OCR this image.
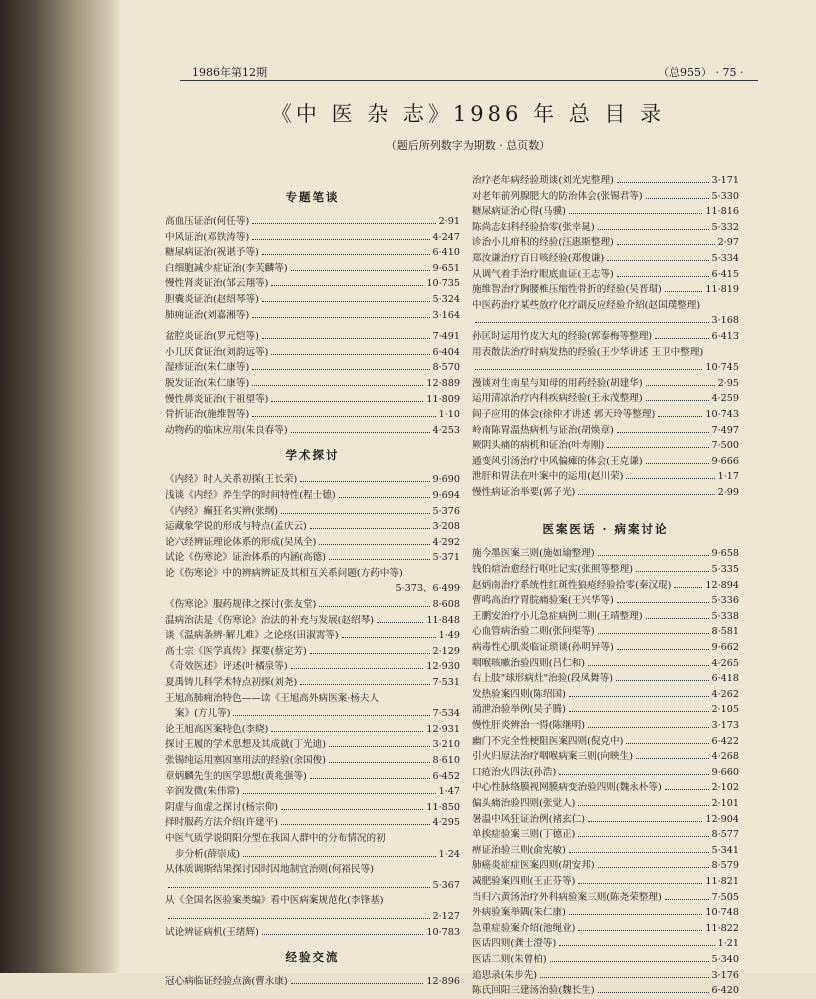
1986年第12期	（总955） · 75 ·
《中 医 杂 志》1986 年 总 目 录
（题后所列数字为期数 · 总页数）
专题笔谈
高血压证治(何任等)	2·91
中风证治(邓铁涛等)	4·247
糖尿病证治(祝谌予等)	6·410
白细胞减少症证治(李芙麟等)	9·651
慢性肾炎证治(邹云翔等)	10·735
胆囊炎证治(赵绍琴等)	5·324
肺痈证治(刘嘉湘等)	3·164
盆腔炎证治(罗元恺等)	7·491
小儿厌食证治(刘韵远等)	6·404
湿疹证治(朱仁康等)	8·570
脱发证治(朱仁康等)	12·889
慢性鼻炎证治(干祖望等)	11·809
骨折证治(施维智等)	1·10
动物药的临床应用(朱良春等)	4·253
学术探讨
《内经》时人关系初探(王长荣)	9·690
浅谈《内经》养生学的时间特性(程士德)	9·694
《内经》癫狂名实辨(张纲)	5·376
运藏象学说的形成与特点(孟庆云)	3·208
论六经辨证理论体系的形成(吴凤全)	4·292
试论《伤寒论》证治体系的内涵(高德)	5·371
论《伤寒论》中的辨病辨证及其相互关系问题(方药中等)
5·373、6·499
《伤寒论》服药规律之探讨(张友堂)	8·608
温病治法是《伤寒论》治法的补充与发展(赵绍琴)	11·848
谈《温病条辨·解儿难》之论痉(田淑霄等)	1·49
高士宗《医学真传》探要(蔡定芳)	2·129
《奇效医述》评述(叶橘泉等)	12·930
夏禹铸儿科学术特点初探(刘尧)	7·531
王旭高肺痈治特色——读《王旭高外病医案·杨夫人
案》(方儿等)	7·534
论王旭高医案特色(李晓)	12·931
探讨王履的学术思想及其成就(丁光迪)	3·210
张锡纯运用塞因塞用法的经验(余国俊)	8·610
章炳麟先生的医学思想(黄兆强等)	6·452
辛润发微(朱伟常)	1·47
阴虚与血虚之探讨(杨宗仰)	11·850
择时服药方法介绍(许建平)	4·295
中医气质学说阴阳分型在我国人群中的分布情况的初
步分析(薛崇成)	1·24
从体质调斯结果探讨因时因地制宜治则(何裕民等)
5·367
从《全国名医验案类编》看中医病案规范化(李锋基)
2·127
试论辨证病机(王绪辉)	10·783
经验交流
冠心病临证经验点滴(曹永康)	12·896
治疗老年病经验琐谈(刘光宪整理)	3·171
对老年前列腺肥大的防治体会(张锡君等)	5·330
糖尿病证治心得(马骥)	11·816
陈尚志妇科经验拾零(张幸晁)	5·332
诊治小儿疳积的经验(汪惠斯整理)	2·97
郑汝谦治疗百日咳经验(郑俊谦)	5·334
从调气着手治疗眼底血证(王志等)	6·415
施维智治疗胸腰椎压缩性骨折的经验(吴晋瑁)	11·819
中医药治疗某些放疗化疗副反应经验介绍(赵国璞整理)
3·168
孙匡时运用竹皮大丸的经验(郭泰梅等整理)	6·413
用表散法治疗时病发热的经验(王少华讲述 王卫中整理)
10·745
漫谈对生南星与知母的用药经验(胡建华)	2·95
运用清凉治疗内科疾病经验(王永茂整理)	4·259
阎子应用的体会(徐仲才讲述 郭天玲等整理)	10·743
岭南陈胃温热病机与证治(胡焕章)	7·497
厥阴头痛的病机和证治(叶寿刚)	7·500
通变风引汤治疗中风偏瘫的体会(王克谦)	9·666
泄肝和胃法在叶案中的运用(赵川荣)	1·17
慢性病证治举要(郭子光)	2·99
医案医话 · 病案讨论
施今墨医案三则(施如瑜整理)	9·658
钱伯煊治愈经行呕吐记实(张照等整理)	5·335
赵炳南治疗系统性红斑性狼疮经验拾零(秦汉琨)	12·894
曹鸣高治疗胃脘痛验案(王兴华等)	5·336
王鹏安治疗小儿急症病例二则(王靖整理)	5·338
心血管病治验二则(张问渠等)	8·581
病毒性心肌炎临证琐谈(孙明异等)	9·662
咽喉咳嗽治验四则(吕仁和)	4·265
右上肢"球形病灶"治验(段凤舞等)	6·418
发热验案四则(陈绍国)	4·262
涌泄治验举例(吴子腾)	2·105
慢性肝炎辨治一得(陈继明)	3·173
幽门不完全性梗阻医案四则(倪克中)	6·422
引火归原法治疗咽喉病案三则(向映生)	4·268
口疮治火四法(孙浩)	9·660
中心性脉络膜视网膜病变治验四则(魏永朴等)	2·102
偏头痛治验四则(张觉人)	2·101
暑温中风狂证治例(褚玄仁)	12·904
单挨症验案三则(丁德正)	8·577
痹证治验三则(俞宪敏)	5·341
肺癌炎症症医案四则(胡安邦)	8·579
减肥验案四则(王正芬等)	11·821
当归六黄汤治疗外科病验案三则(陈尧荣整理)	7·505
外病验案举隅(朱仁康)	10·748
急重症验案介绍(池绳业)	11·822
医话四则(龚士澄等)	1·21
医话二则(朱曾柏)	5·340
追思录(朱步先)	3·176
陈氏回阳三建汤治验(魏长生)	6·420
